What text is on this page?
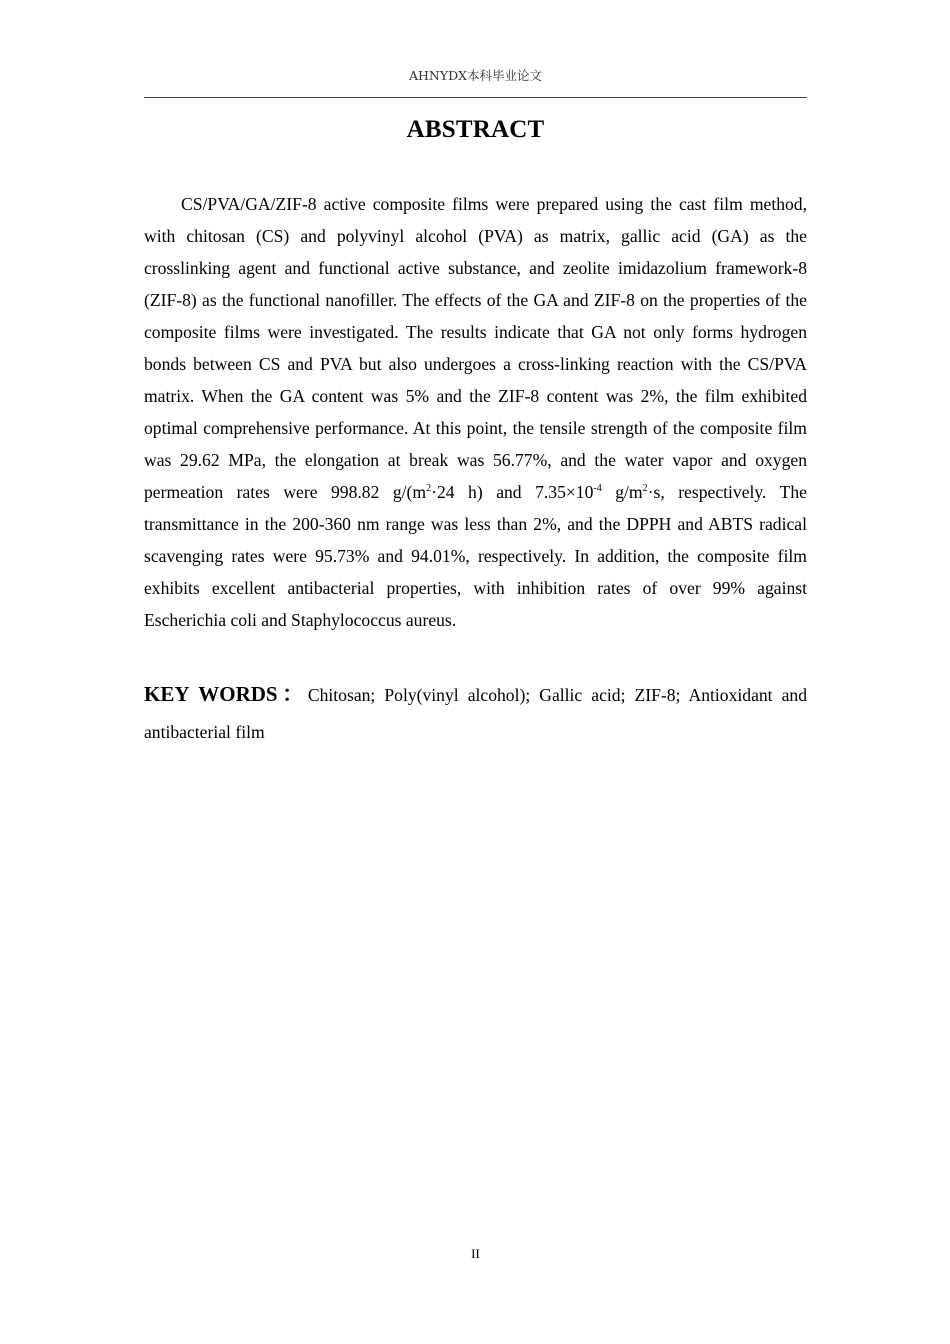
AHNYDX本科毕业论文
ABSTRACT

CS/PVA/GA/ZIF-8 active composite films were prepared using the cast film method, with chitosan (CS) and polyvinyl alcohol (PVA) as matrix, gallic acid (GA) as the crosslinking agent and functional active substance, and zeolite imidazolium framework-8 (ZIF-8) as the functional nanofiller. The effects of the GA and ZIF-8 on the properties of the composite films were investigated. The results indicate that GA not only forms hydrogen bonds between CS and PVA but also undergoes a cross-linking reaction with the CS/PVA matrix. When the GA content was 5% and the ZIF-8 content was 2%, the film exhibited optimal comprehensive performance. At this point, the tensile strength of the composite film was 29.62 MPa, the elongation at break was 56.77%, and the water vapor and oxygen permeation rates were 998.82 $g/(m^2\cdot 24$ h) and $7.35\times 10^{-4}$ $g/m^2\cdot s$, respectively. The transmittance in the 200-360 nm range was less than 2%, and the DPPH and ABTS radical scavenging rates were 95.73% and 94.01%, respectively. In addition, the composite film exhibits excellent antibacterial properties, with inhibition rates of over 99% against Escherichia coli and Staphylococcus aureus.

KEY WORDS：Chitosan; Poly(vinyl alcohol); Gallic acid; ZIF-8; Antioxidant and antibacterial film
II
